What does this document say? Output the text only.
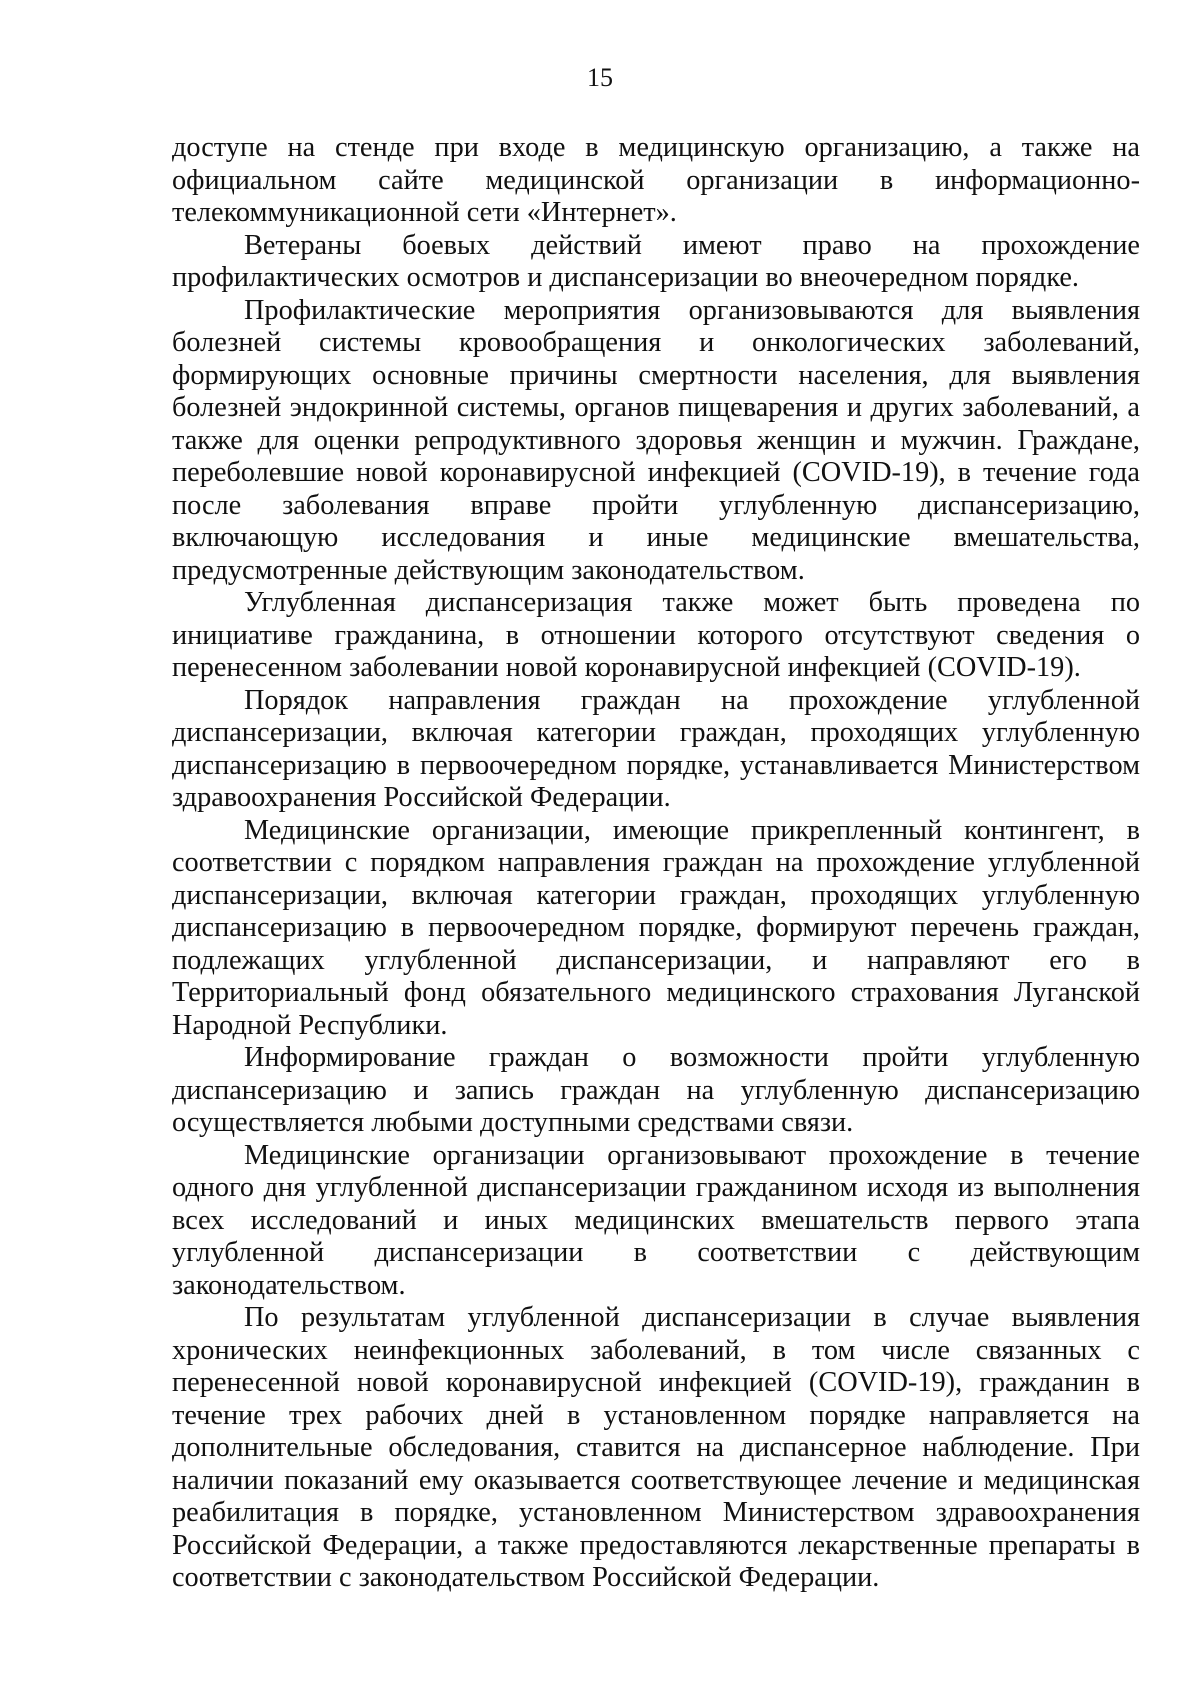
15

доступе на стенде при входе в медицинскую организацию, а также на официальном сайте медицинской организации в информационно-телекоммуникационной сети «Интернет».

Ветераны боевых действий имеют право на прохождение профилактических осмотров и диспансеризации во внеочередном порядке.

Профилактические мероприятия организовываются для выявления болезней системы кровообращения и онкологических заболеваний, формирующих основные причины смертности населения, для выявления болезней эндокринной системы, органов пищеварения и других заболеваний, а также для оценки репродуктивного здоровья женщин и мужчин. Граждане, переболевшие новой коронавирусной инфекцией (COVID-19), в течение года после заболевания вправе пройти углубленную диспансеризацию, включающую исследования и иные медицинские вмешательства, предусмотренные действующим законодательством.

Углубленная диспансеризация также может быть проведена по инициативе гражданина, в отношении которого отсутствуют сведения о перенесенном заболевании новой коронавирусной инфекцией (COVID-19).

Порядок направления граждан на прохождение углубленной диспансеризации, включая категории граждан, проходящих углубленную диспансеризацию в первоочередном порядке, устанавливается Министерством здравоохранения Российской Федерации.

Медицинские организации, имеющие прикрепленный контингент, в соответствии с порядком направления граждан на прохождение углубленной диспансеризации, включая категории граждан, проходящих углубленную диспансеризацию в первоочередном порядке, формируют перечень граждан, подлежащих углубленной диспансеризации, и направляют его в Территориальный фонд обязательного медицинского страхования Луганской Народной Республики.

Информирование граждан о возможности пройти углубленную диспансеризацию и запись граждан на углубленную диспансеризацию осуществляется любыми доступными средствами связи.

Медицинские организации организовывают прохождение в течение одного дня углубленной диспансеризации гражданином исходя из выполнения всех исследований и иных медицинских вмешательств первого этапа углубленной диспансеризации в соответствии с действующим законодательством.

По результатам углубленной диспансеризации в случае выявления хронических неинфекционных заболеваний, в том числе связанных с перенесенной новой коронавирусной инфекцией (COVID-19), гражданин в течение трех рабочих дней в установленном порядке направляется на дополнительные обследования, ставится на диспансерное наблюдение. При наличии показаний ему оказывается соответствующее лечение и медицинская реабилитация в порядке, установленном Министерством здравоохранения Российской Федерации, а также предоставляются лекарственные препараты в соответствии с законодательством Российской Федерации.
